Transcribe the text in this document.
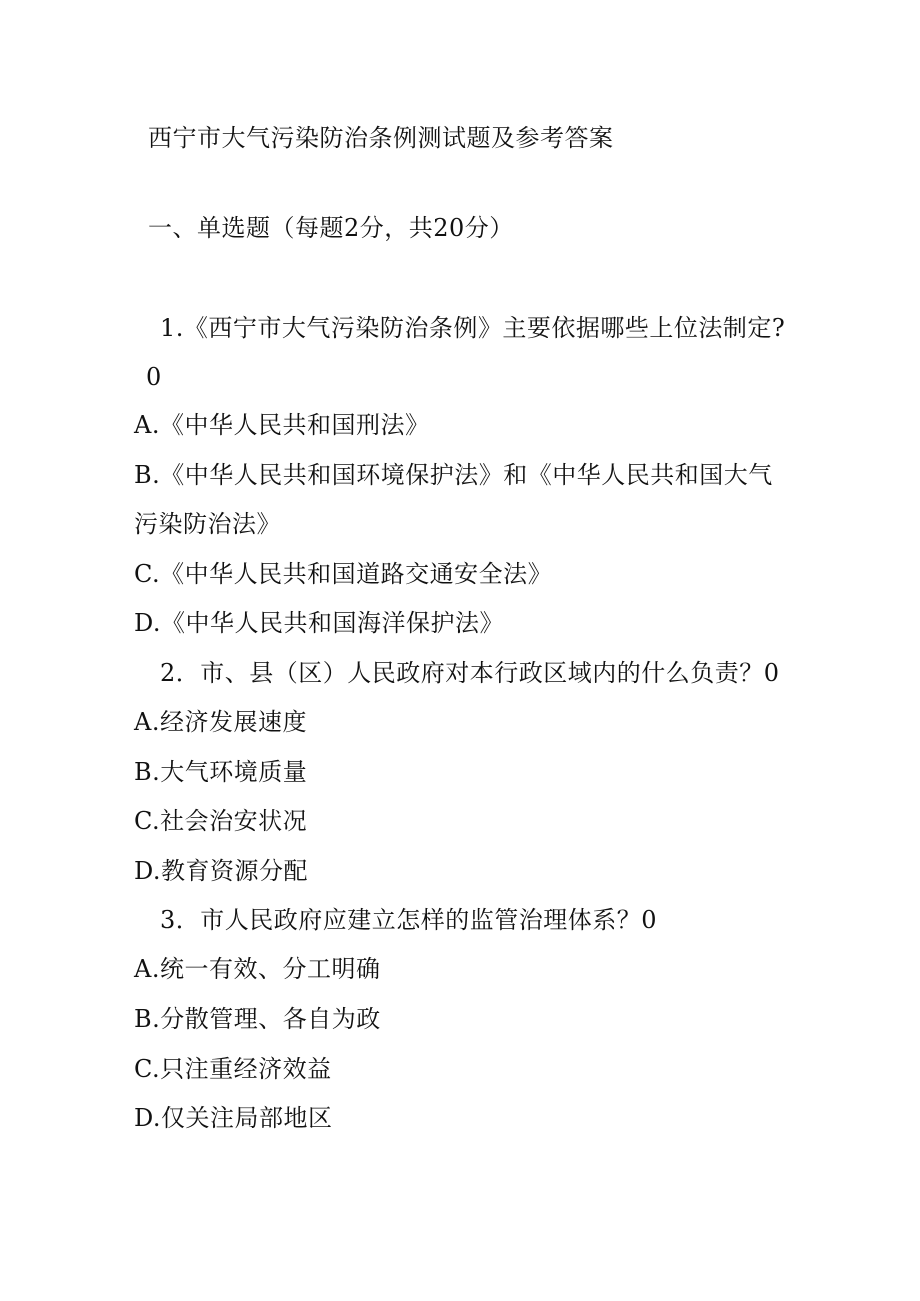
西宁市大气污染防治条例测试题及参考答案
一、单选题（每题2分，共20分）
1.《西宁市大气污染防治条例》主要依据哪些上位法制定?
0
A.《中华人民共和国刑法》
B.《中华人民共和国环境保护法》和《中华人民共和国大气
污染防治法》
C.《中华人民共和国道路交通安全法》
D.《中华人民共和国海洋保护法》
2．市、县（区）人民政府对本行政区域内的什么负责？0
A.经济发展速度
B.大气环境质量
C.社会治安状况
D.教育资源分配
3．市人民政府应建立怎样的监管治理体系？0
A.统一有效、分工明确
B.分散管理、各自为政
C.只注重经济效益
D.仅关注局部地区
